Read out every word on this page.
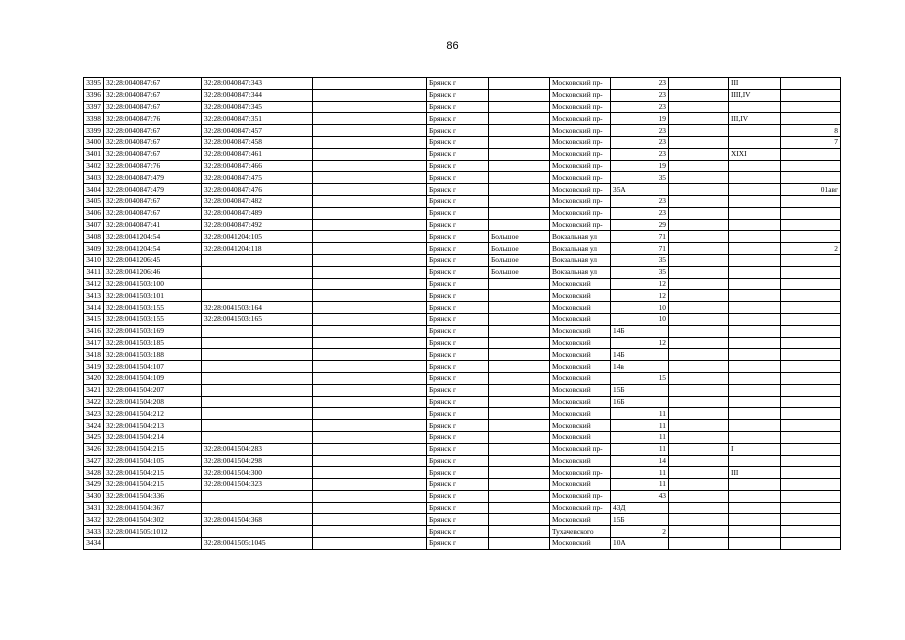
86
3395	32:28:0040847:67	32:28:0040847:343		Брянск г		Московский пр-	23		III	
3396	32:28:0040847:67	32:28:0040847:344		Брянск г		Московский пр-	23		IIII,IV	
3397	32:28:0040847:67	32:28:0040847:345		Брянск г		Московский пр-	23			
3398	32:28:0040847:76	32:28:0040847:351		Брянск г		Московский пр-	19		III,IV	
3399	32:28:0040847:67	32:28:0040847:457		Брянск г		Московский пр-	23			8
3400	32:28:0040847:67	32:28:0040847:458		Брянск г		Московский пр-	23			7
3401	32:28:0040847:67	32:28:0040847:461		Брянск г		Московский пр-	23		XIXI	
3402	32:28:0040847:76	32:28:0040847:466		Брянск г		Московский пр-	19			
3403	32:28:0040847:479	32:28:0040847:475		Брянск г		Московский пр-	35			
3404	32:28:0040847:479	32:28:0040847:476		Брянск г		Московский пр-	35А			01авг
3405	32:28:0040847:67	32:28:0040847:482		Брянск г		Московский пр-	23			
3406	32:28:0040847:67	32:28:0040847:489		Брянск г		Московский пр-	23			
3407	32:28:0040847:41	32:28:0040847:492		Брянск г		Московский пр-	29			
3408	32:28:0041204:54	32:28:0041204:105		Брянск г	Большое	Вокзальная ул	71			
3409	32:28:0041204:54	32:28:0041204:118		Брянск г	Большое	Вокзальная ул	71			2
3410	32:28:0041206:45			Брянск г	Большое	Вокзальная ул	35			
3411	32:28:0041206:46			Брянск г	Большое	Вокзальная ул	35			
3412	32:28:0041503:100			Брянск г		Московский	12			
3413	32:28:0041503:101			Брянск г		Московский	12			
3414	32:28:0041503:155	32:28:0041503:164		Брянск г		Московский	10			
3415	32:28:0041503:155	32:28:0041503:165		Брянск г		Московский	10			
3416	32:28:0041503:169			Брянск г		Московский	14Б			
3417	32:28:0041503:185			Брянск г		Московский	12			
3418	32:28:0041503:188			Брянск г		Московский	14Б			
3419	32:28:0041504:107			Брянск г		Московский	14в			
3420	32:28:0041504:109			Брянск г		Московский	15			
3421	32:28:0041504:207			Брянск г		Московский	15Б			
3422	32:28:0041504:208			Брянск г		Московский	16Б			
3423	32:28:0041504:212			Брянск г		Московский	11			
3424	32:28:0041504:213			Брянск г		Московский	11			
3425	32:28:0041504:214			Брянск г		Московский	11			
3426	32:28:0041504:215	32:28:0041504:283		Брянск г		Московский пр-	11		I	
3427	32:28:0041504:105	32:28:0041504:298		Брянск г		Московский	14			
3428	32:28:0041504:215	32:28:0041504:300		Брянск г		Московский пр-	11		III	
3429	32:28:0041504:215	32:28:0041504:323		Брянск г		Московский	11			
3430	32:28:0041504:336			Брянск г		Московский пр-	43			
3431	32:28:0041504:367			Брянск г		Московский пр-	43Д			
3432	32:28:0041504:302	32:28:0041504:368		Брянск г		Московский	15Б			
3433	32:28:0041505:1012			Брянск г		Тухачевского	2			
3434		32:28:0041505:1045		Брянск г		Московский	10А			
